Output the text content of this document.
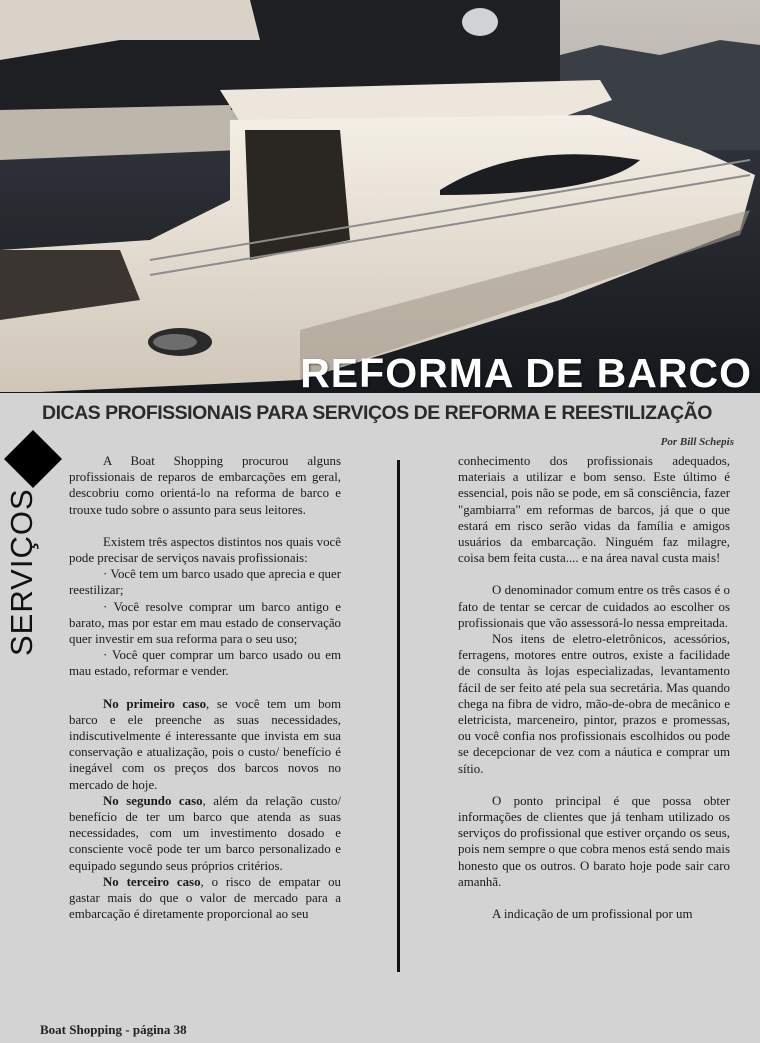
REFORMA DE BARCO
DICAS PROFISSIONAIS PARA SERVIÇOS DE REFORMA E REESTILIZAÇÃO
Por Bill Schepis
SERVIÇOS

A Boat Shopping procurou alguns profissionais de reparos de embarcações em geral, descobriu como orientá-lo na reforma de barco e trouxe tudo sobre o assunto para seus leitores.

Existem três aspectos distintos nos quais você pode precisar de serviços navais profissionais:

· Você tem um barco usado que aprecia e quer reestilizar;

· Você resolve comprar um barco antigo e barato, mas por estar em mau estado de conservação quer investir em sua reforma para o seu uso;

· Você quer comprar um barco usado ou em mau estado, reformar e vender.

No primeiro caso, se você tem um bom barco e ele preenche as suas necessidades, indiscutivelmente é interessante que invista em sua conservação e atualização, pois o custo/ benefício é inegável com os preços dos barcos novos no mercado de hoje.

No segundo caso, além da relação custo/ benefício de ter um barco que atenda as suas necessidades, com um investimento dosado e consciente você pode ter um barco personalizado e equipado segundo seus próprios critérios.

No terceiro caso, o risco de empatar ou gastar mais do que o valor de mercado para a embarcação é diretamente proporcional ao seu

conhecimento dos profissionais adequados, materiais a utilizar e bom senso. Este último é essencial, pois não se pode, em sã consciência, fazer "gambiarra" em reformas de barcos, já que o que estará em risco serão vidas da família e amigos usuários da embarcação. Ninguém faz milagre, coisa bem feita custa.... e na área naval custa mais!

O denominador comum entre os três casos é o fato de tentar se cercar de cuidados ao escolher os profissionais que vão assessorá-lo nessa empreitada.

Nos itens de eletro-eletrônicos, acessórios, ferragens, motores entre outros, existe a facilidade de consulta às lojas especializadas, levantamento fácil de ser feito até pela sua secretária. Mas quando chega na fibra de vidro, mão-de-obra de mecânico e eletricista, marceneiro, pintor, prazos e promessas, ou você confia nos profissionais escolhidos ou pode se decepcionar de vez com a náutica e comprar um sítio.

O ponto principal é que possa obter informações de clientes que já tenham utilizado os serviços do profissional que estiver orçando os seus, pois nem sempre o que cobra menos está sendo mais honesto que os outros. O barato hoje pode sair caro amanhã.

A indicação de um profissional por um

Boat Shopping - página 38
